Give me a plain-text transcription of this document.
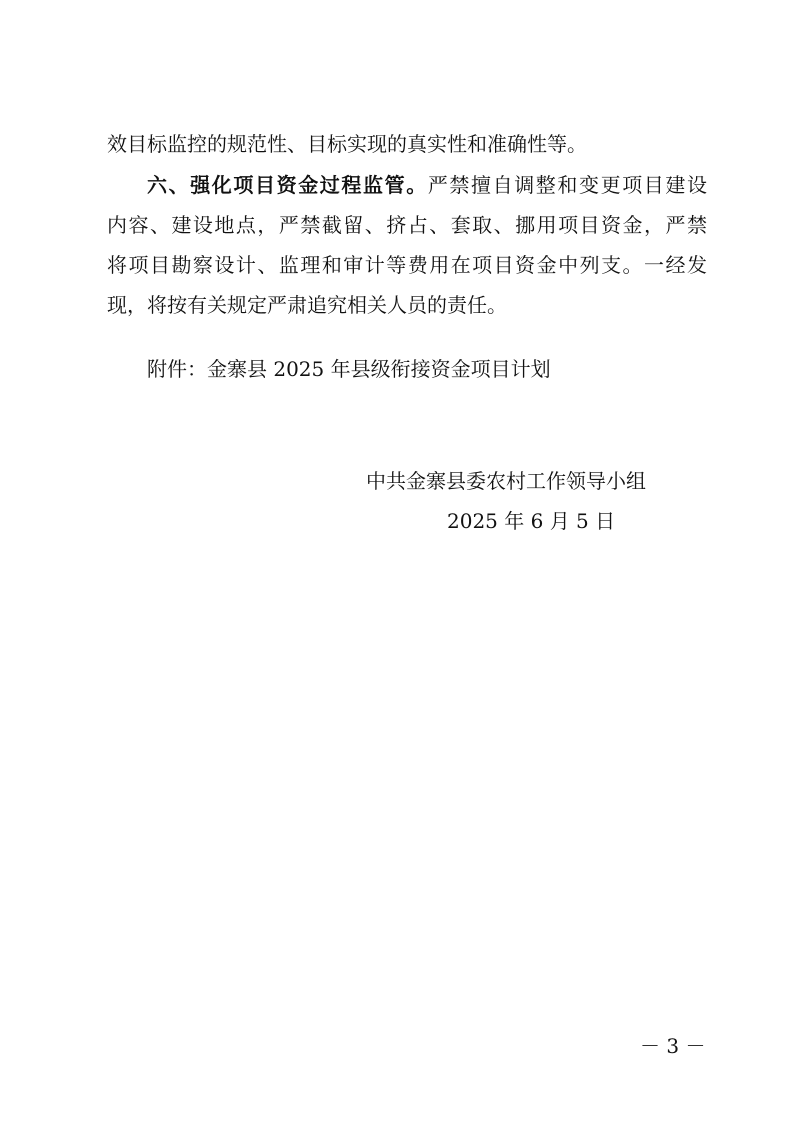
效目标监控的规范性、目标实现的真实性和准确性等。

六、强化项目资金过程监管。严禁擅自调整和变更项目建设

内容、建设地点，严禁截留、挤占、套取、挪用项目资金，严禁

将项目勘察设计、监理和审计等费用在项目资金中列支。一经发

现，将按有关规定严肃追究相关人员的责任。

附件：金寨县 2025 年县级衔接资金项目计划

中共金寨县委农村工作领导小组

2025 年 6 月 5 日

－ 3 －
